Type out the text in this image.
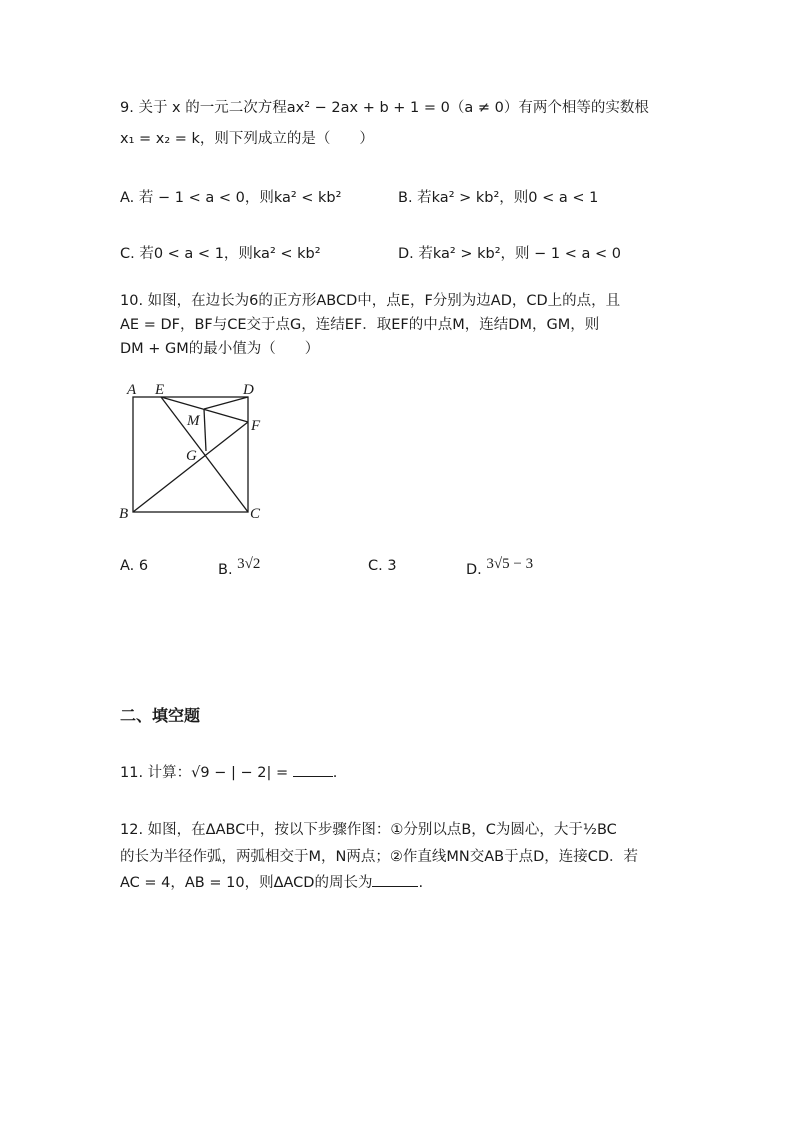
9. 关于 x 的一元二次方程ax² − 2ax + b + 1 = 0（a ≠ 0）有两个相等的实数根
x₁ = x₂ = k，则下列成立的是（　　）
A. 若 − 1 < a < 0，则ka² < kb²	B. 若ka² > kb²，则0 < a < 1
C. 若0 < a < 1，则ka² < kb²	D. 若ka² > kb²，则 − 1 < a < 0
10. 如图，在边长为6的正方形ABCD中，点E，F分别为边AD，CD上的点，且
AE = DF，BF与CE交于点G，连结EF．取EF的中点M，连结DM，GM，则
DM + GM的最小值为（　　）
A E	D
M	F
G
B	C
A. 6	B. 3√2	C. 3	D. 3√5 − 3
二、填空题
11. 计算：√9 − | − 2| =	.
12. 如图，在ΔABC中，按以下步骤作图：①分别以点B，C为圆心，大于½BC
的长为半径作弧，两弧相交于M，N两点；②作直线MN交AB于点D，连接CD．若
AC = 4，AB = 10，则ΔACD的周长为	.
